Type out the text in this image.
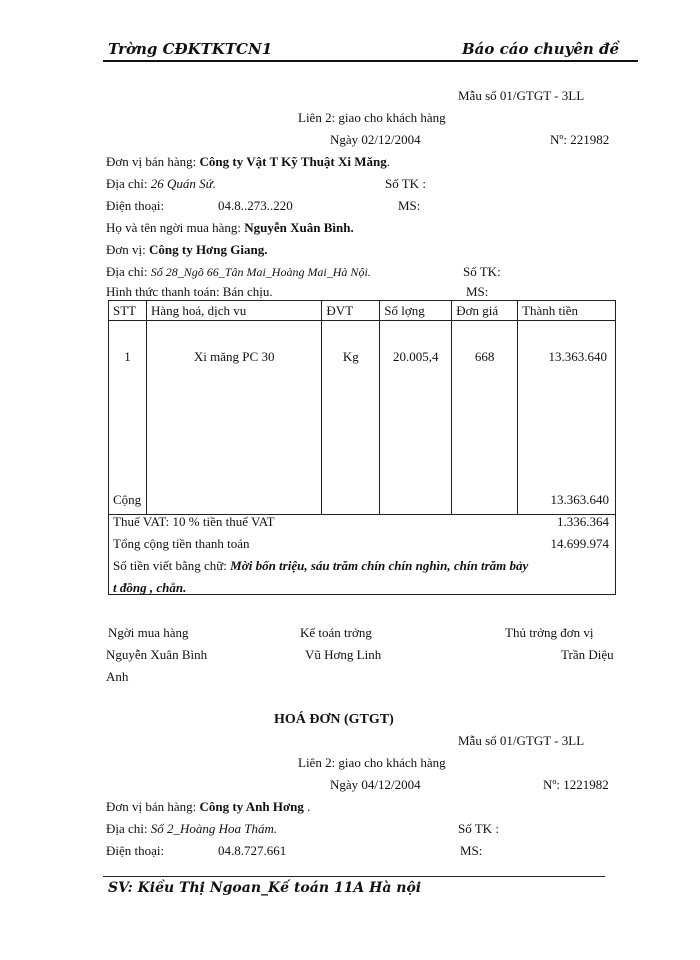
Trờng CĐKTKTCN1	Báo cáo chuyên đề
Mẫu số 01/GTGT - 3LL
Liên 2: giao cho khách hàng
Ngày 02/12/2004	Nº: 221982
Đơn vị bán hàng: Công ty Vật T Kỹ Thuật Xi Măng.
Địa chỉ: 26 Quán Sứ.	Số TK :
Điện thoại:	04.8..273..220	MS:
Họ và tên ngời mua hàng: Nguyễn Xuân Bình.
Đơn vị: Công ty Hơng Giang.
Địa chỉ: Số 28_Ngõ 66_Tân Mai_Hoàng Mai_Hà Nội.	Số TK:
Hình thức thanh toán: Bán chịu.	MS:
STT	Hàng hoá, dịch vu	ĐVT	Số lợng	Đơn giá	Thành tiền
1	Xi măng PC 30	Kg	20.005,4	668	13.363.640
Cộng	13.363.640
Thuế VAT: 10 % tiền thuế VAT	1.336.364
Tổng cộng tiền thanh toán	14.699.974
Số tiền viết bằng chữ: Mời bốn triệu, sáu trăm chín chín nghìn, chín trăm bảy
t đồng , chẵn.
Ngời mua hàng	Kế toán trởng	Thủ trởng đơn vị
Nguyễn Xuân Bình	Vũ Hơng Linh	Trần Diệu
Anh
HOÁ ĐƠN (GTGT)
Mẫu số 01/GTGT - 3LL
Liên 2: giao cho khách hàng
Ngày 04/12/2004	Nº: 1221982
Đơn vị bán hàng: Công ty Anh Hơng .
Địa chỉ: Số 2_Hoàng Hoa Thám.	Số TK :
Điện thoại:	04.8.727.661	MS:
SV: Kiều Thị Ngoan_Kế toán 11A Hà nội
